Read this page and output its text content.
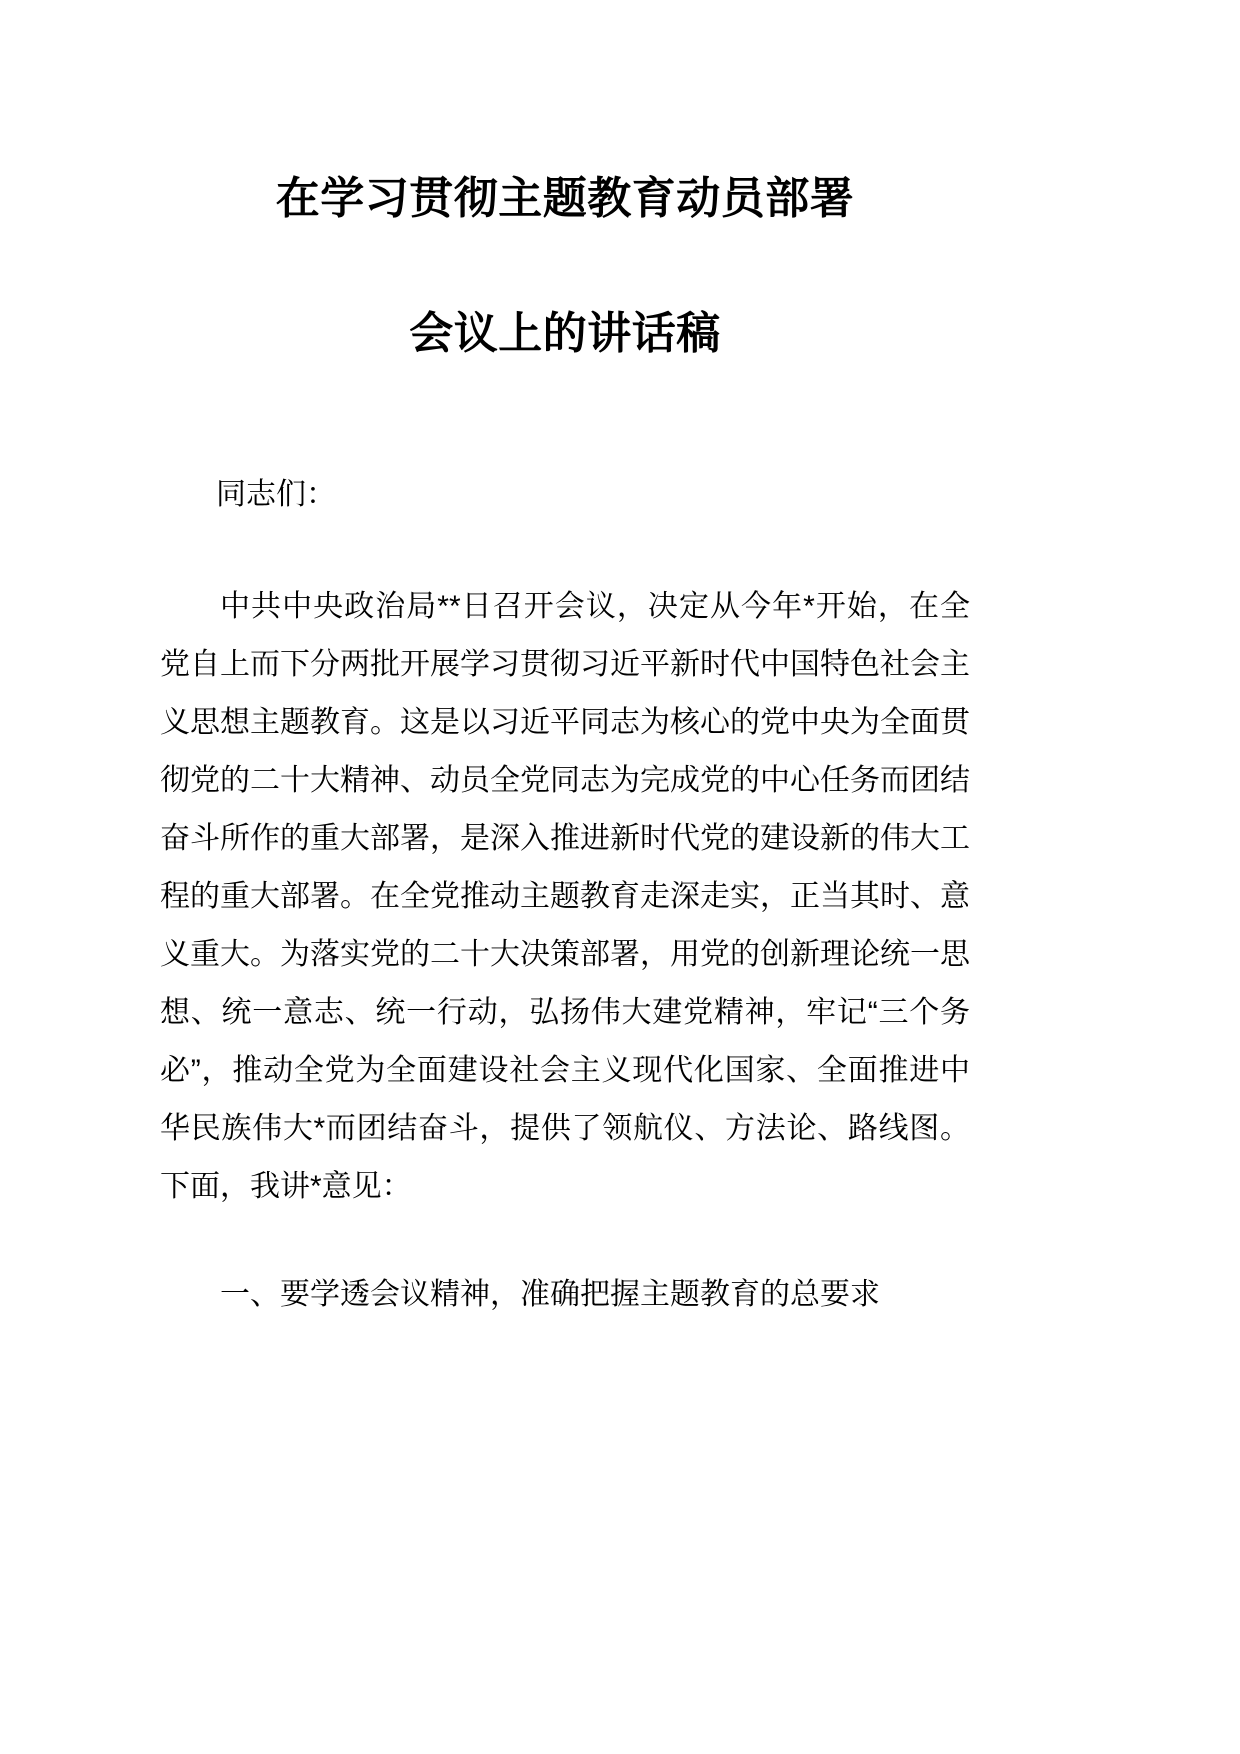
在学习贯彻主题教育动员部署
会议上的讲话稿
同志们：

中共中央政治局**日召开会议，决定从今年*开始，在全党自上而下分两批开展学习贯彻习近平新时代中国特色社会主义思想主题教育。这是以习近平同志为核心的党中央为全面贯彻党的二十大精神、动员全党同志为完成党的中心任务而团结奋斗所作的重大部署，是深入推进新时代党的建设新的伟大工程的重大部署。在全党推动主题教育走深走实，正当其时、意义重大。为落实党的二十大决策部署，用党的创新理论统一思想、统一意志、统一行动，弘扬伟大建党精神，牢记“三个务必”，推动全党为全面建设社会主义现代化国家、全面推进中华民族伟大*而团结奋斗，提供了领航仪、方法论、路线图。下面，我讲*意见：

一、要学透会议精神，准确把握主题教育的总要求
